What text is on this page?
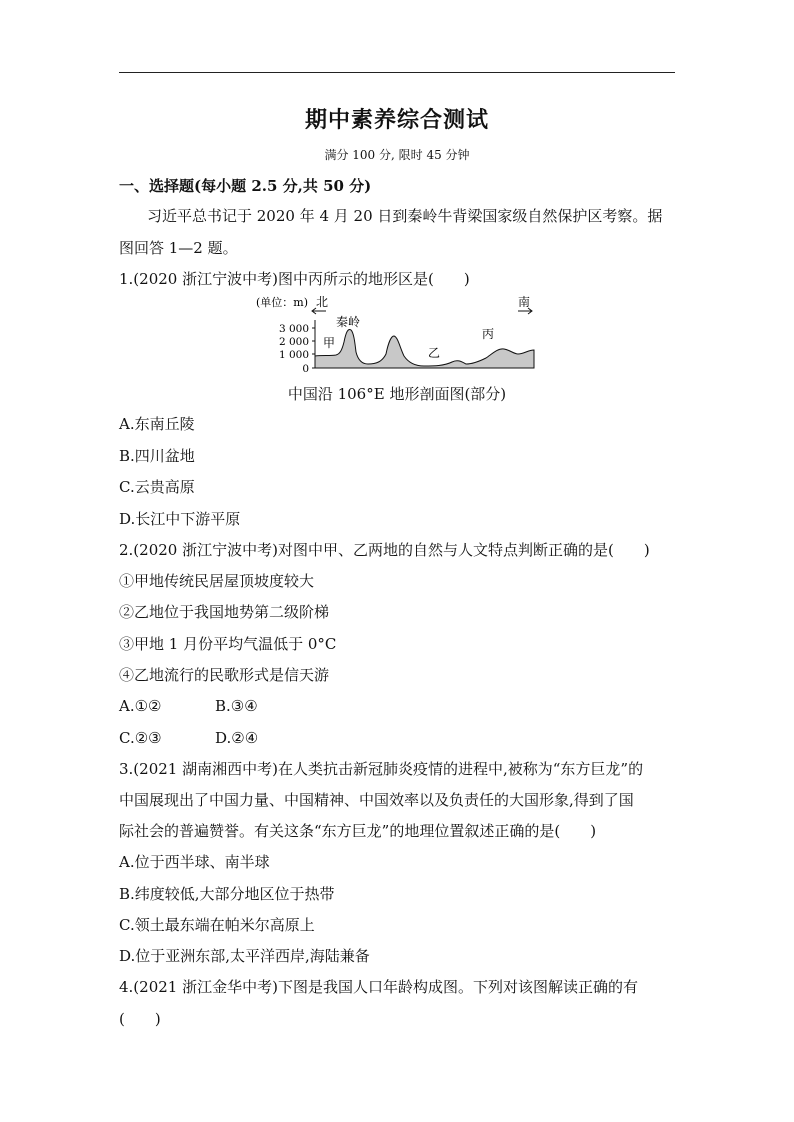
期中素养综合测试
满分 100 分, 限时 45 分钟
一、选择题(每小题 2.5 分,共 50 分)
习近平总书记于 2020 年 4 月 20 日到秦岭牛背梁国家级自然保护区考察。据
图回答 1—2 题。
1.(2020 浙江宁波中考)图中丙所示的地形区是( )
(单位：m) 北	南
3 000
2 000
1 000
0
秦岭
甲
乙
丙
中国沿 106°E 地形剖面图(部分)
A.东南丘陵
B.四川盆地
C.云贵高原
D.长江中下游平原
2.(2020 浙江宁波中考)对图中甲、乙两地的自然与人文特点判断正确的是( )
①甲地传统民居屋顶坡度较大
②乙地位于我国地势第二级阶梯
③甲地 1 月份平均气温低于 0°C
④乙地流行的民歌形式是信天游
A.①②	B.③④
C.②③	D.②④
3.(2021 湖南湘西中考)在人类抗击新冠肺炎疫情的进程中,被称为“东方巨龙”的
中国展现出了中国力量、中国精神、中国效率以及负责任的大国形象,得到了国
际社会的普遍赞誉。有关这条“东方巨龙”的地理位置叙述正确的是( )
A.位于西半球、南半球
B.纬度较低,大部分地区位于热带
C.领土最东端在帕米尔高原上
D.位于亚洲东部,太平洋西岸,海陆兼备
4.(2021 浙江金华中考)下图是我国人口年龄构成图。下列对该图解读正确的有
( )
